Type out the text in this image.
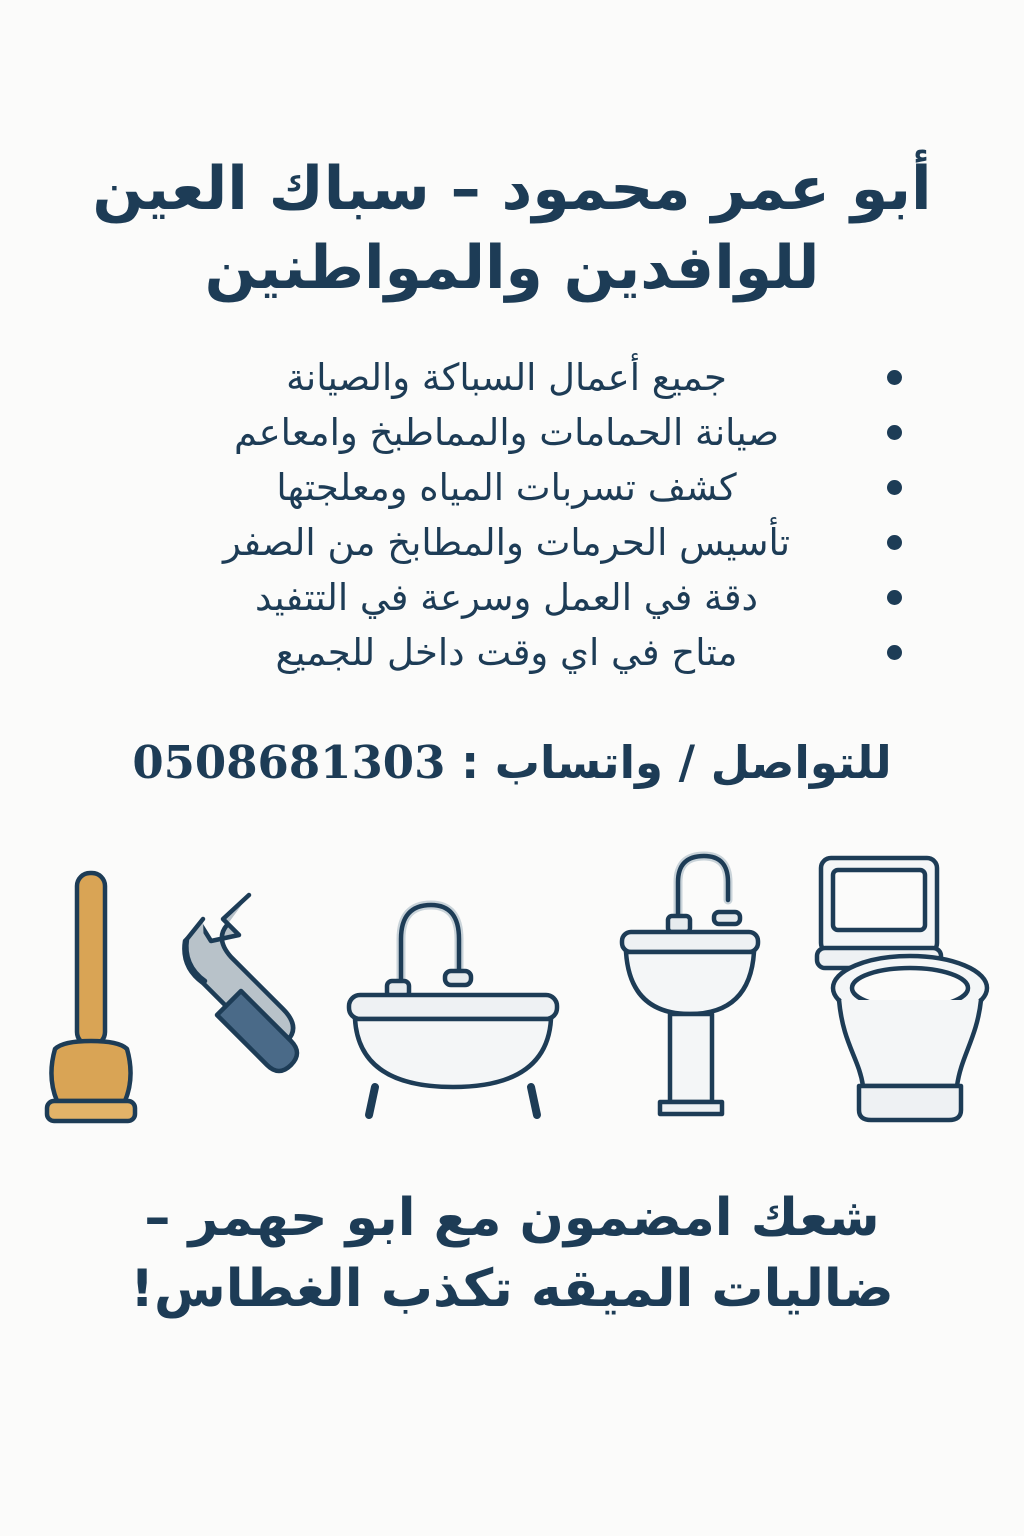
أبو عمر محمود – سباك العين للوافدين والمواطنين
جميع أعمال السباكة والصيانة
صيانة الحمامات والمماطبخ وامعاعم
كشف تسربات المياه ومعلجتها
تأسيس الحرمات والمطابخ من الصفر
دقة في العمل وسرعة في التتفيد
متاح في اي وقت داخل للجميع
للتواصل / واتساب : 0508681303
شعك امضمون مع ابو حهمر – ضاليات الميقه تكذب الغطاس!
